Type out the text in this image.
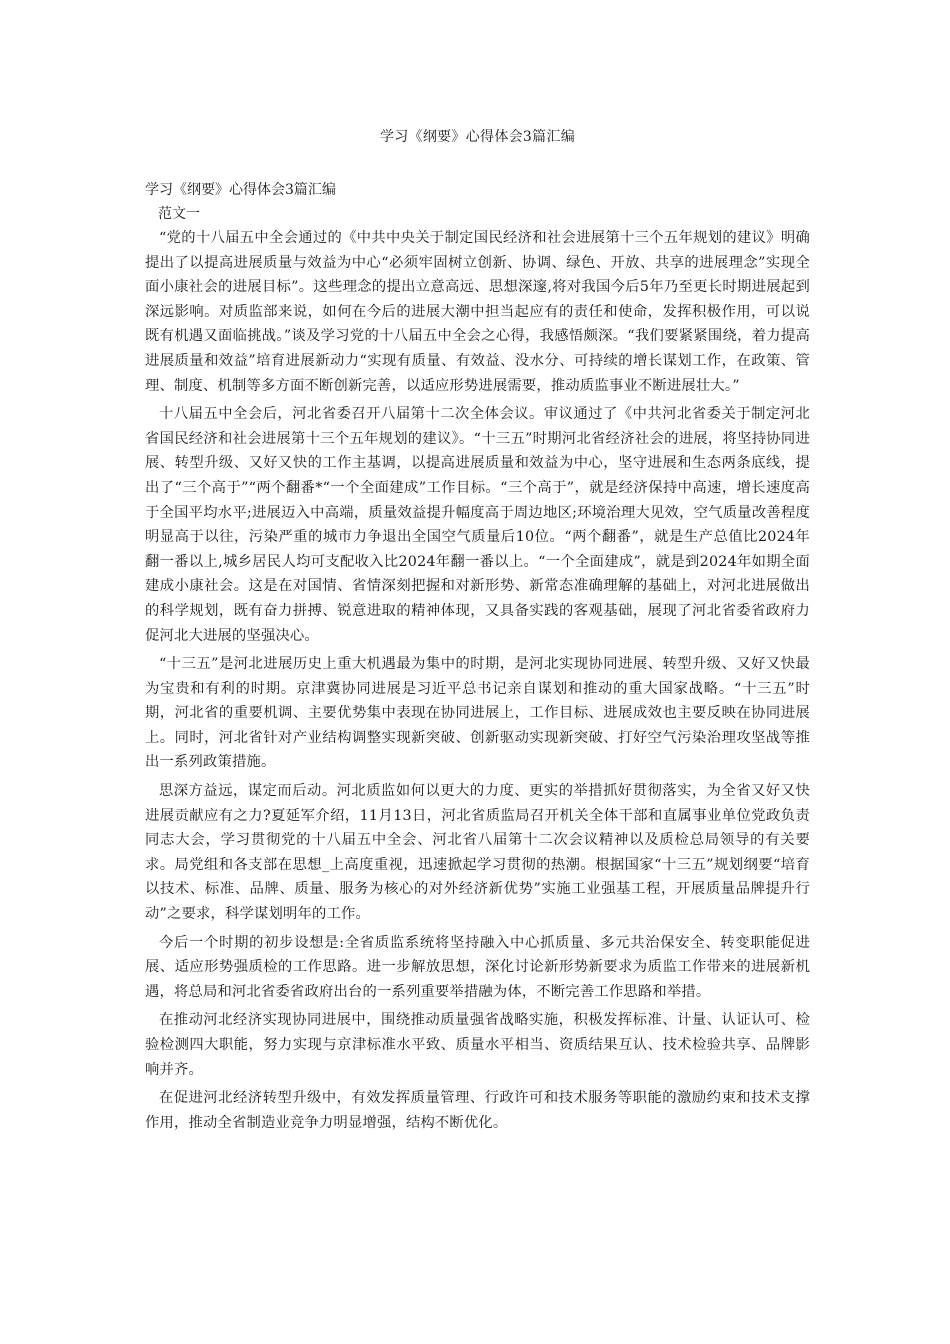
学习《纲要》心得体会3篇汇编
学习《纲要》心得体会3篇汇编
范文一

“党的十八届五中全会通过的《中共中央关于制定国民经济和社会进展第十三个五年规划的建议》明确提出了以提高进展质量与效益为中心“必须牢固树立创新、协调、绿色、开放、共享的进展理念”实现全面小康社会的进展目标”。这些理念的提出立意高远、思想深邃,将对我国今后5年乃至更长时期进展起到深远影响。对质监部来说，如何在今后的进展大潮中担当起应有的责任和使命，发挥积极作用，可以说既有机遇又面临挑战。”谈及学习党的十八届五中全会之心得，我感悟颇深。“我们要紧紧围绕，着力提高进展质量和效益”培育进展新动力“实现有质量、有效益、没水分、可持续的增长谋划工作，在政策、管理、制度、机制等多方面不断创新完善，以适应形势进展需要，推动质监事业不断进展壮大。”

十八届五中全会后，河北省委召开八届第十二次全体会议。审议通过了《中共河北省委关于制定河北省国民经济和社会进展第十三个五年规划的建议》。“十三五”时期河北省经济社会的进展，将坚持协同进展、转型升级、又好又快的工作主基调，以提高进展质量和效益为中心，坚守进展和生态两条底线，提出了“三个高于”“两个翻番*“一个全面建成”工作目标。“三个高于”，就是经济保持中高速，增长速度高于全国平均水平;进展迈入中高端，质量效益提升幅度高于周边地区;环境治理大见效，空气质量改善程度明显高于以往，污染严重的城市力争退出全国空气质量后10位。“两个翻番”，就是生产总值比2024年翻一番以上,城乡居民人均可支配收入比2024年翻一番以上。“一个全面建成”，就是到2024年如期全面建成小康社会。这是在对国情、省情深刻把握和对新形势、新常态准确理解的基础上，对河北进展做出的科学规划，既有奋力拼搏、锐意进取的精神体现，又具备实践的客观基础，展现了河北省委省政府力促河北大进展的坚强决心。

“十三五”是河北进展历史上重大机遇最为集中的时期，是河北实现协同进展、转型升级、又好又快最为宝贵和有利的时期。京津冀协同进展是习近平总书记亲自谋划和推动的重大国家战略。“十三五”时期，河北省的重要机调、主要优势集中表现在协同进展上，工作目标、进展成效也主要反映在协同进展上。同时，河北省针对产业结构调整实现新突破、创新驱动实现新突破、打好空气污染治理攻坚战等推出一系列政策措施。

思深方益远，谋定而后动。河北质监如何以更大的力度、更实的举措抓好贯彻落实，为全省又好又快进展贡献应有之力?夏延军介绍，11月13日，河北省质监局召开机关全体干部和直属事业单位党政负责同志大会，学习贯彻党的十八届五中全会、河北省八届第十二次会议精神以及质检总局领导的有关要求。局党组和各支部在思想_上高度重视，迅速掀起学习贯彻的热潮。根据国家“十三五”规划纲要“培育以技术、标准、品牌、质量、服务为核心的对外经济新优势”实施工业强基工程，开展质量品牌提升行动”之要求，科学谋划明年的工作。

今后一个时期的初步设想是:全省质监系统将坚持融入中心抓质量、多元共治保安全、转变职能促进展、适应形势强质检的工作思路。进一步解放思想，深化讨论新形势新要求为质监工作带来的进展新机遇，将总局和河北省委省政府出台的一系列重要举措融为体，不断完善工作思路和举措。

在推动河北经济实现协同进展中，围绕推动质量强省战略实施，积极发挥标准、计量、认证认可、检验检测四大职能，努力实现与京津标准水平致、质量水平相当、资质结果互认、技术检验共享、品牌影响并齐。

在促进河北经济转型升级中，有效发挥质量管理、行政许可和技术服务等职能的激励约束和技术支撑作用，推动全省制造业竞争力明显增强，结构不断优化。
